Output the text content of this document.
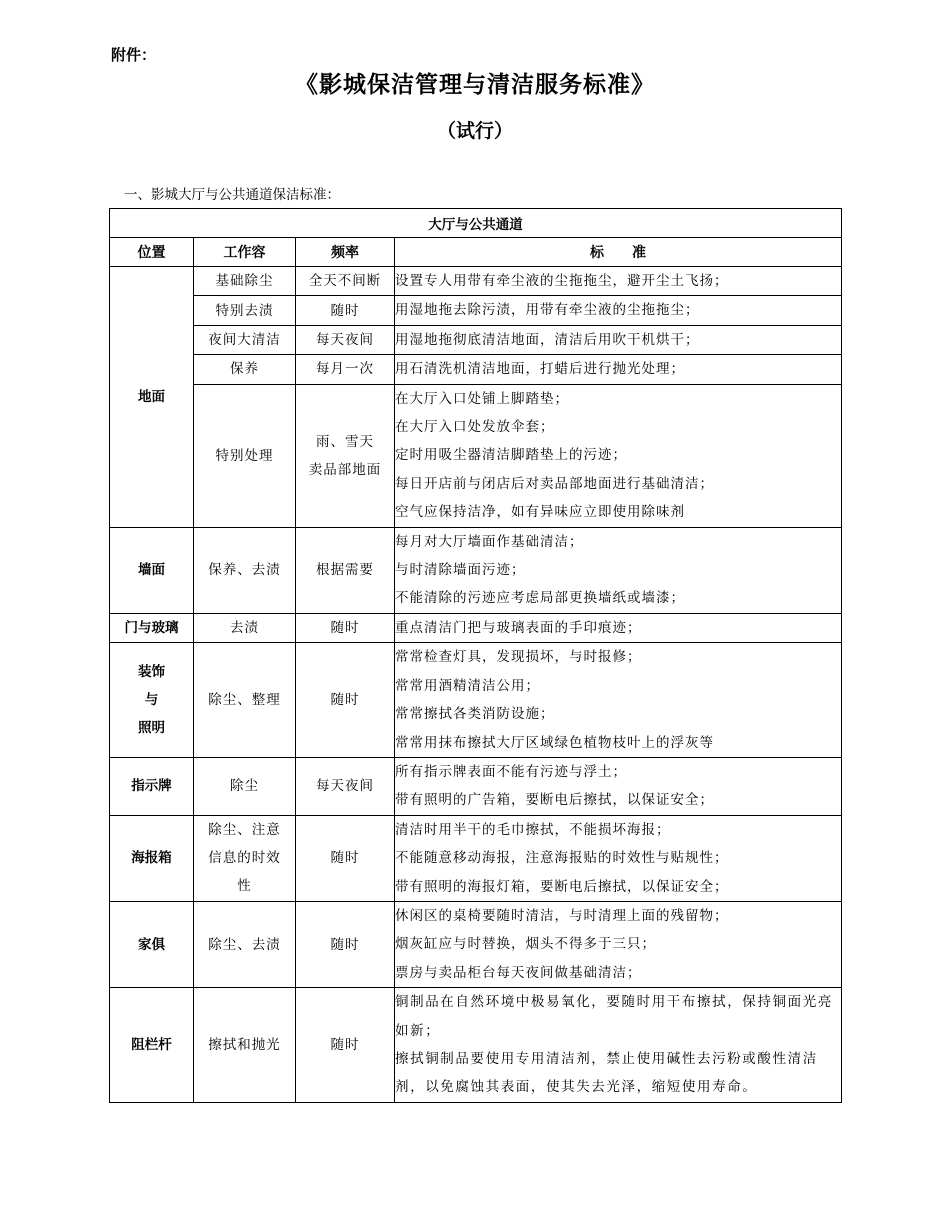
附件：
《影城保洁管理与清洁服务标准》
（试行）
一、影城大厅与公共通道保洁标准：
大厅与公共通道			
位置	工作容	频率	标　　准
地面	基础除尘	全天不间断	设置专人用带有牵尘液的尘拖拖尘，避开尘土飞扬；
	特别去渍	随时	用湿地拖去除污渍，用带有牵尘液的尘拖拖尘；
	夜间大清洁	每天夜间	用湿地拖彻底清洁地面，清洁后用吹干机烘干；
	保养	每月一次	用石清洗机清洁地面，打蜡后进行抛光处理；
	特别处理	雨、雪天
卖品部地面	在大厅入口处铺上脚踏垫；
在大厅入口处发放伞套；
定时用吸尘器清洁脚踏垫上的污迹；
每日开店前与闭店后对卖品部地面进行基础清洁；
空气应保持洁净，如有异味应立即使用除味剂

墙面	保养、去渍	根据需要	每月对大厅墙面作基础清洁；
与时清除墙面污迹；
不能清除的污迹应考虑局部更换墙纸或墙漆；

门与玻璃	去渍	随时	重点清洁门把与玻璃表面的手印痕迹；

装饰
与
照明	除尘、整理	随时	常常检查灯具，发现损坏，与时报修；
常常用酒精清洁公用；
常常擦拭各类消防设施；
常常用抹布擦拭大厅区域绿色植物枝叶上的浮灰等

指示牌	除尘	每天夜间	所有指示牌表面不能有污迹与浮土；
带有照明的广告箱，要断电后擦拭，以保证安全；

海报箱	除尘、注意
信息的时效
性	随时	清洁时用半干的毛巾擦拭，不能损坏海报；
不能随意移动海报，注意海报贴的时效性与贴规性；
带有照明的海报灯箱，要断电后擦拭，以保证安全；

家俱	除尘、去渍	随时	休闲区的桌椅要随时清洁，与时清理上面的残留物；
烟灰缸应与时替换，烟头不得多于三只；
票房与卖品柜台每天夜间做基础清洁；

阻栏杆	擦拭和抛光	随时	铜制品在自然环境中极易氧化，要随时用干布擦拭，保持铜面光亮如新；
擦拭铜制品要使用专用清洁剂，禁止使用碱性去污粉或酸性清洁剂，以免腐蚀其表面，使其失去光泽，缩短使用寿命。
